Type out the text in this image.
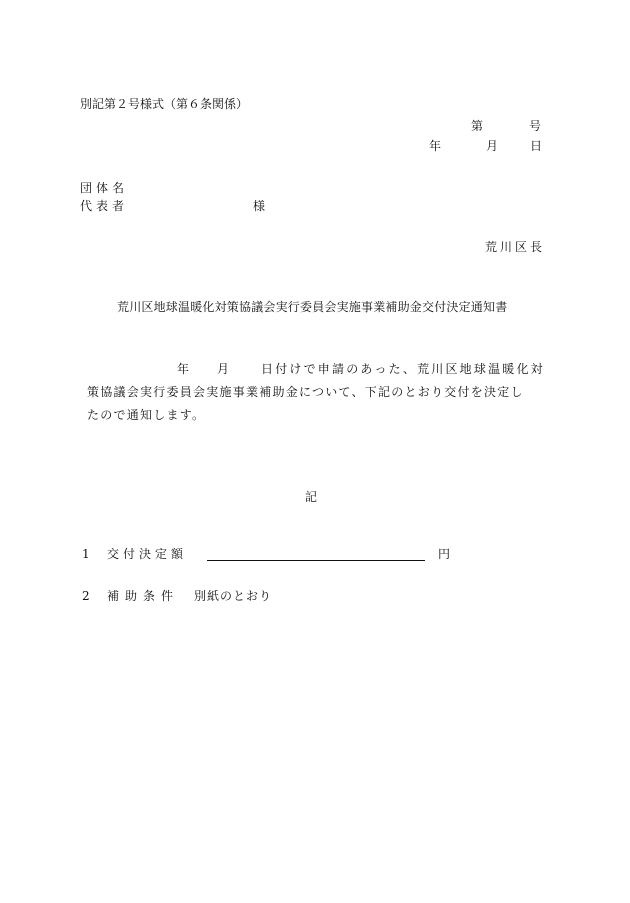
別記第２号様式（第６条関係）
第	号
年	月	日
団体名
代表者	様
荒川区長
荒川区地球温暖化対策協議会実行委員会実施事業補助金交付決定通知書
年 月	日付けで申請のあった、荒川区地球温暖化対
策協議会実行委員会実施事業補助金について、下記のとおり交付を決定し
たので通知します。
記
1 交付決定額	円
2 補助条件 別紙のとおり
